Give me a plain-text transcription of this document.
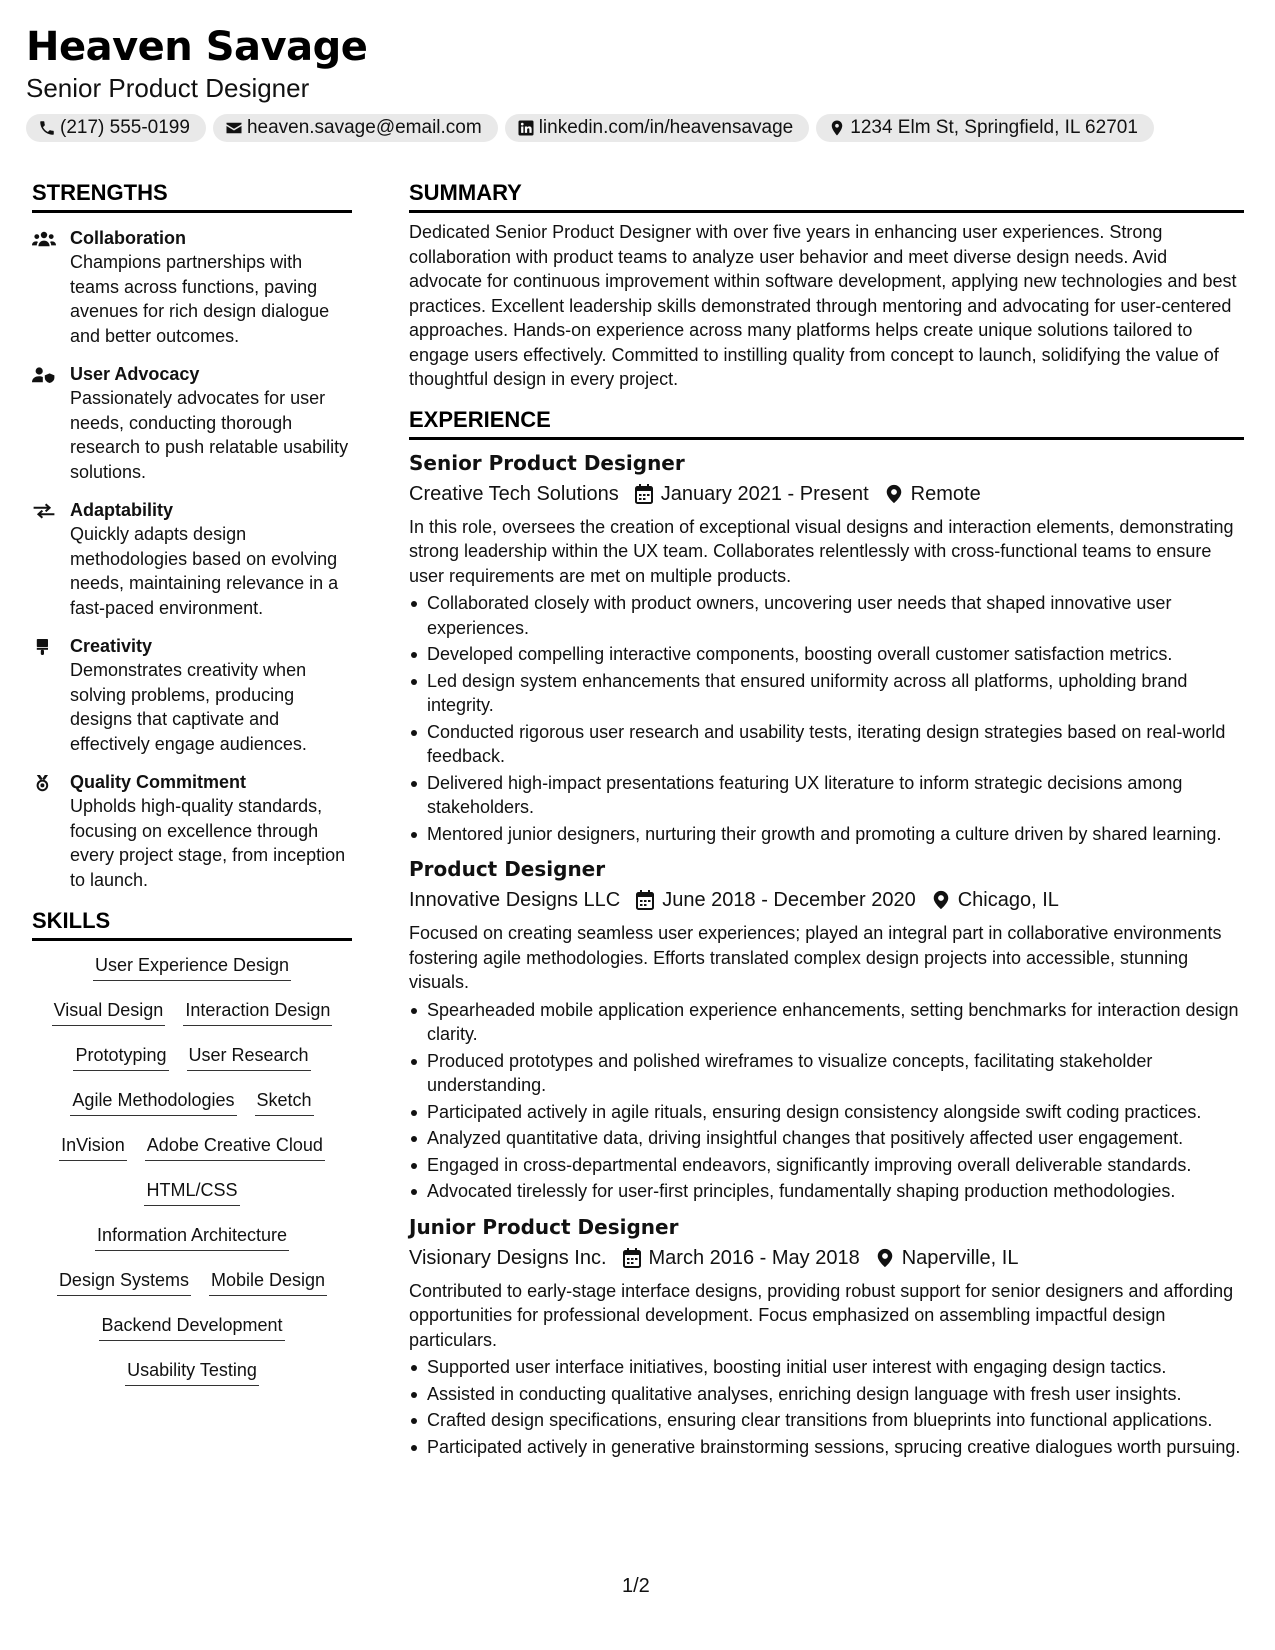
Heaven Savage
Senior Product Designer
(217) 555-0199	heaven.savage@email.com	linkedin.com/in/heavensavage	1234 Elm St, Springfield, IL 62701
STRENGTHS
Collaboration
Champions partnerships with teams across functions, paving avenues for rich design dialogue and better outcomes.
User Advocacy
Passionately advocates for user needs, conducting thorough research to push relatable usability solutions.
Adaptability
Quickly adapts design methodologies based on evolving needs, maintaining relevance in a fast-paced environment.
Creativity
Demonstrates creativity when solving problems, producing designs that captivate and effectively engage audiences.
Quality Commitment
Upholds high-quality standards, focusing on excellence through every project stage, from inception to launch.
SKILLS
User Experience Design
Visual Design Interaction Design
Prototyping User Research
Agile Methodologies Sketch
InVision Adobe Creative Cloud
HTML/CSS
Information Architecture
Design Systems Mobile Design
Backend Development
Usability Testing
SUMMARY
Dedicated Senior Product Designer with over five years in enhancing user experiences. Strong collaboration with product teams to analyze user behavior and meet diverse design needs. Avid advocate for continuous improvement within software development, applying new technologies and best practices. Excellent leadership skills demonstrated through mentoring and advocating for user-centered approaches. Hands-on experience across many platforms helps create unique solutions tailored to engage users effectively. Committed to instilling quality from concept to launch, solidifying the value of thoughtful design in every project.
EXPERIENCE
Senior Product Designer
Creative Tech Solutions January 2021 - Present Remote
In this role, oversees the creation of exceptional visual designs and interaction elements, demonstrating strong leadership within the UX team. Collaborates relentlessly with cross-functional teams to ensure user requirements are met on multiple products.
Collaborated closely with product owners, uncovering user needs that shaped innovative user experiences.
Developed compelling interactive components, boosting overall customer satisfaction metrics.
Led design system enhancements that ensured uniformity across all platforms, upholding brand integrity.
Conducted rigorous user research and usability tests, iterating design strategies based on real-world feedback.
Delivered high-impact presentations featuring UX literature to inform strategic decisions among stakeholders.
Mentored junior designers, nurturing their growth and promoting a culture driven by shared learning.
Product Designer
Innovative Designs LLC June 2018 - December 2020 Chicago, IL
Focused on creating seamless user experiences; played an integral part in collaborative environments fostering agile methodologies. Efforts translated complex design projects into accessible, stunning visuals.
Spearheaded mobile application experience enhancements, setting benchmarks for interaction design clarity.
Produced prototypes and polished wireframes to visualize concepts, facilitating stakeholder understanding.
Participated actively in agile rituals, ensuring design consistency alongside swift coding practices.
Analyzed quantitative data, driving insightful changes that positively affected user engagement.
Engaged in cross-departmental endeavors, significantly improving overall deliverable standards.
Advocated tirelessly for user-first principles, fundamentally shaping production methodologies.
Junior Product Designer
Visionary Designs Inc. March 2016 - May 2018 Naperville, IL
Contributed to early-stage interface designs, providing robust support for senior designers and affording opportunities for professional development. Focus emphasized on assembling impactful design particulars.
Supported user interface initiatives, boosting initial user interest with engaging design tactics.
Assisted in conducting qualitative analyses, enriching design language with fresh user insights.
Crafted design specifications, ensuring clear transitions from blueprints into functional applications.
Participated actively in generative brainstorming sessions, sprucing creative dialogues worth pursuing.
1/2
